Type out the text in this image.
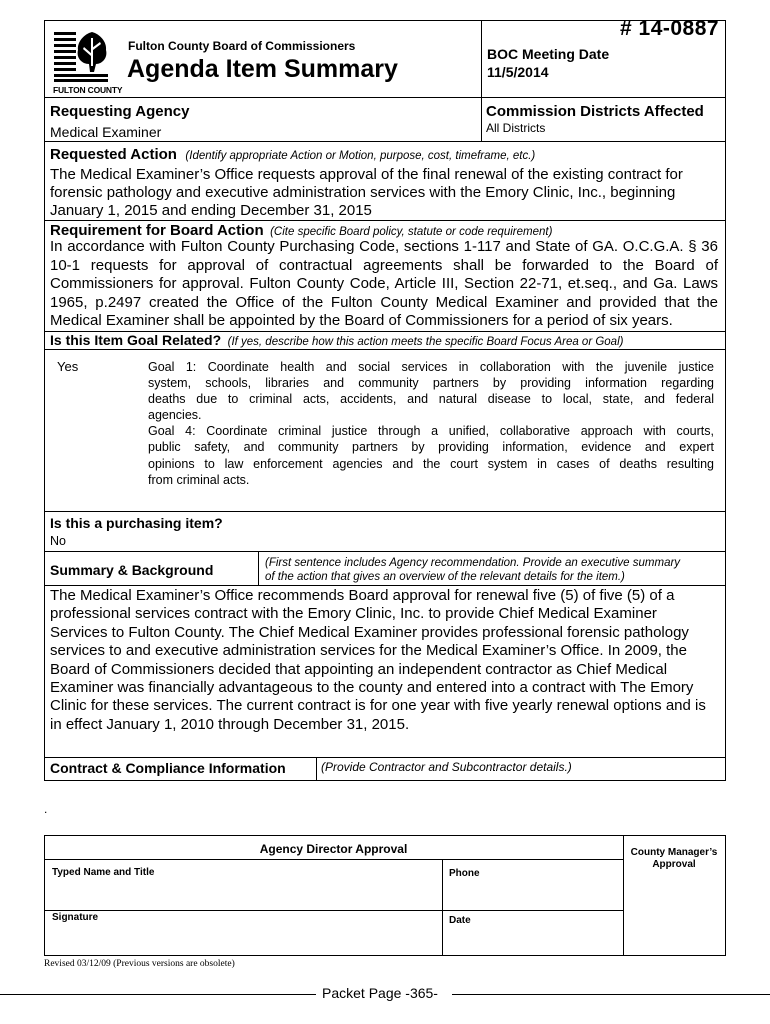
# 14-0887
FULTON COUNTY
Fulton County Board of Commissioners
Agenda Item Summary
BOC Meeting Date
11/5/2014
Requesting Agency
Medical Examiner
Commission Districts Affected
All Districts
Requested Action (Identify appropriate Action or Motion, purpose, cost, timeframe, etc.)
The Medical Examiner’s Office requests approval of the final renewal of the existing contract for
forensic pathology and executive administration services with the Emory Clinic, Inc., beginning
January 1, 2015 and ending December 31, 2015
Requirement for Board Action (Cite specific Board policy, statute or code requirement)
In accordance with Fulton County Purchasing Code, sections 1-117 and State of GA. O.C.G.A. § 36
10-1 requests for approval of contractual agreements shall be forwarded to the Board of
Commissioners for approval. Fulton County Code, Article III, Section 22-71, et.seq., and Ga. Laws
1965, p.2497 created the Office of the Fulton County Medical Examiner and provided that the
Medical Examiner shall be appointed by the Board of Commissioners for a period of six years.
Is this Item Goal Related? (If yes, describe how this action meets the specific Board Focus Area or Goal)
Yes	Goal 1: Coordinate health and social services in collaboration with the juvenile justice
system, schools, libraries and community partners by providing information regarding
deaths due to criminal acts, accidents, and natural disease to local, state, and federal
agencies.
Goal 4: Coordinate criminal justice through a unified, collaborative approach with courts,
public safety, and community partners by providing information, evidence and expert
opinions to law enforcement agencies and the court system in cases of deaths resulting
from criminal acts.
Is this a purchasing item?
No
Summary & Background	(First sentence includes Agency recommendation. Provide an executive summary
of the action that gives an overview of the relevant details for the item.)
The Medical Examiner’s Office recommends Board approval for renewal five (5) of five (5) of a
professional services contract with the Emory Clinic, Inc. to provide Chief Medical Examiner
Services to Fulton County. The Chief Medical Examiner provides professional forensic pathology
services to and executive administration services for the Medical Examiner’s Office. In 2009, the
Board of Commissioners decided that appointing an independent contractor as Chief Medical
Examiner was financially advantageous to the county and entered into a contract with The Emory
Clinic for these services. The current contract is for one year with five yearly renewal options and is
in effect January 1, 2010 through December 31, 2015.
Contract & Compliance Information	(Provide Contractor and Subcontractor details.)
.
Agency Director Approval
Typed Name and Title	Phone
Signature	Date
County Manager’s Approval
Revised 03/12/09 (Previous versions are obsolete)
Packet Page -365-
